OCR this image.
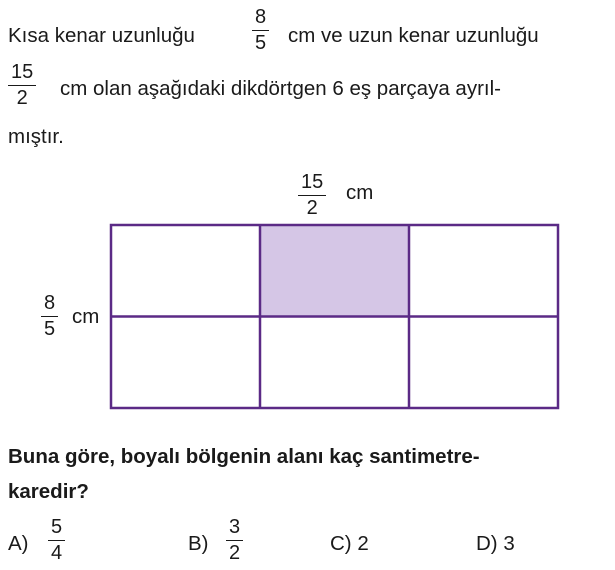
Kısa kenar uzunluğu	$\frac{8}{5}$ cm ve uzun kenar uzunluğu
$\frac{15}{2}$ cm olan aşağıdaki dikdörtgen 6 eş parçaya ayrıl-
mıştır.
$\frac{15}{2}$ cm
$\frac{8}{5}$ cm
Buna göre, boyalı bölgenin alanı kaç santimetre-
karedir?
$A) \frac{5}{4}$	$B) \frac{3}{2}$	C) 2	D) 3
